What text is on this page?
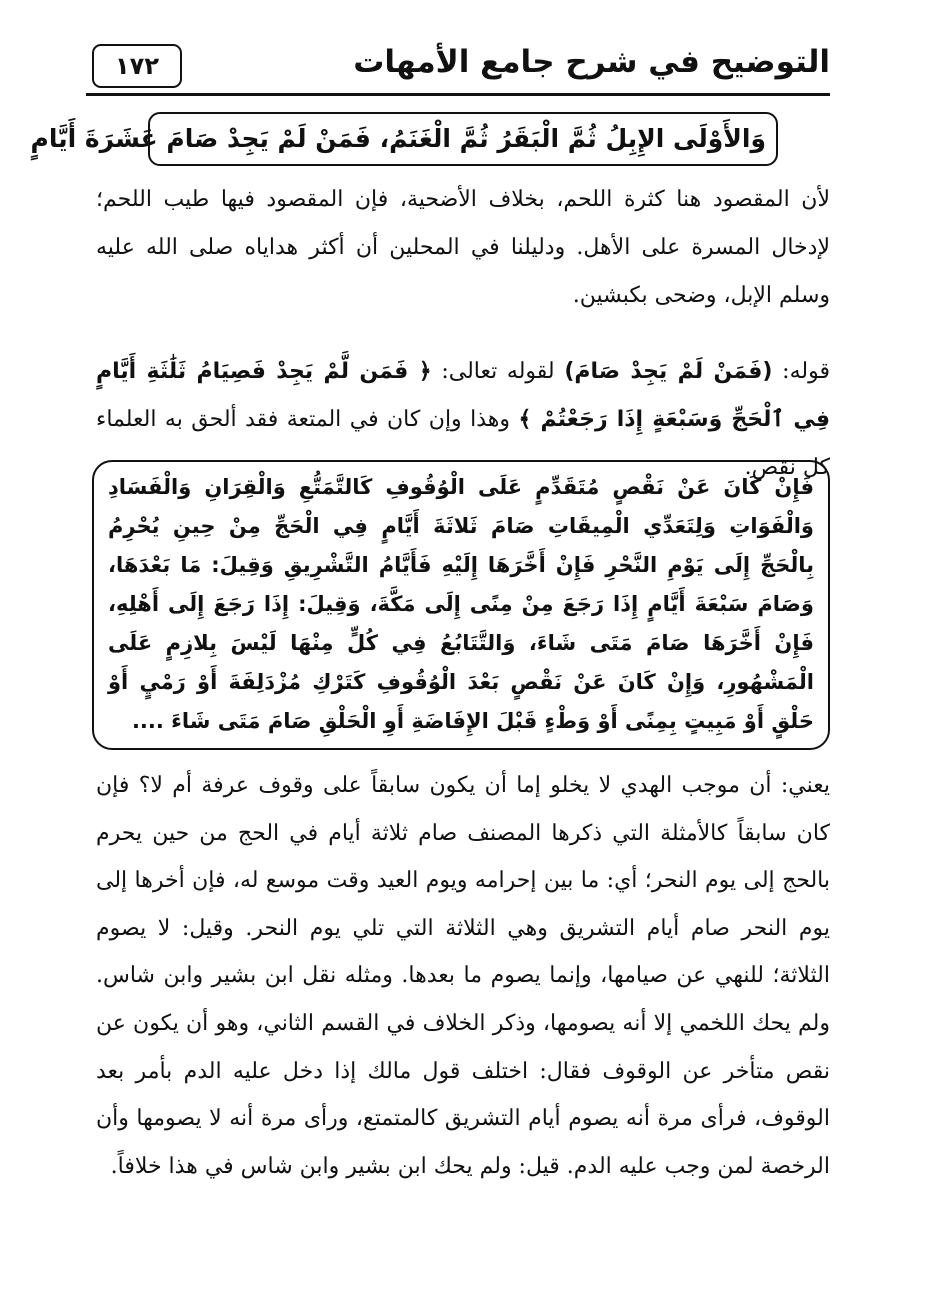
التوضيح في شرح جامع الأمهات
١٧٢
وَالأَوْلَى الإِبِلُ ثُمَّ الْبَقَرُ ثُمَّ الْغَنَمُ، فَمَنْ لَمْ يَجِدْ صَامَ عَشَرَةَ أَيَّامٍ
لأن المقصود هنا كثرة اللحم، بخلاف الأضحية، فإن المقصود فيها طيب اللحم؛ لإدخال المسرة على الأهل. ودليلنا في المحلين أن أكثر هداياه صلى الله عليه وسلم الإبل، وضحى بكبشين.
قوله: (فَمَنْ لَمْ يَجِدْ صَامَ) لقوله تعالى: ﴿ فَمَن لَّمْ يَجِدْ فَصِيَامُ ثَلَٰثَةِ أَيَّامٍ فِي ٱلْحَجِّ وَسَبْعَةٍ إِذَا رَجَعْتُمْ ﴾ وهذا وإن كان في المتعة فقد ألحق به العلماء كل نقص.
فَإِنْ كَانَ عَنْ نَقْصٍ مُتَقَدِّمٍ عَلَى الْوُقُوفِ كَالتَّمَتُّعِ وَالْقِرَانِ وَالْفَسَادِ وَالْفَوَاتِ وَلِتَعَدِّي الْمِيقَاتِ صَامَ ثَلاثَةَ أَيَّامٍ فِي الْحَجِّ مِنْ حِينِ يُحْرِمُ بِالْحَجِّ إِلَى يَوْمِ النَّحْرِ فَإِنْ أَخَّرَهَا إِلَيْهِ فَأَيَّامُ التَّشْرِيقِ وَقِيلَ: مَا بَعْدَهَا، وَصَامَ سَبْعَةَ أَيَّامٍ إِذَا رَجَعَ مِنْ مِنًى إِلَى مَكَّةَ، وَقِيلَ: إِذَا رَجَعَ إِلَى أَهْلِهِ، فَإِنْ أَخَّرَهَا صَامَ مَتَى شَاءَ، وَالتَّتَابُعُ فِي كُلٍّ مِنْهَا لَيْسَ بِلازِمٍ عَلَى الْمَشْهُورِ، وَإِنْ كَانَ عَنْ نَقْصٍ بَعْدَ الْوُقُوفِ كَتَرْكِ مُزْدَلِفَةَ أَوْ رَمْيٍ أَوْ حَلْقٍ أَوْ مَبِيتٍ بِمِنًى أَوْ وَطْءٍ قَبْلَ الإِفَاضَةِ أَوِ الْحَلْقِ صَامَ مَتَى شَاءَ ....
يعني: أن موجب الهدي لا يخلو إما أن يكون سابقاً على وقوف عرفة أم لا؟ فإن كان سابقاً كالأمثلة التي ذكرها المصنف صام ثلاثة أيام في الحج من حين يحرم بالحج إلى يوم النحر؛ أي: ما بين إحرامه ويوم العيد وقت موسع له، فإن أخرها إلى يوم النحر صام أيام التشريق وهي الثلاثة التي تلي يوم النحر. وقيل: لا يصوم الثلاثة؛ للنهي عن صيامها، وإنما يصوم ما بعدها. ومثله نقل ابن بشير وابن شاس. ولم يحك اللخمي إلا أنه يصومها، وذكر الخلاف في القسم الثاني، وهو أن يكون عن نقص متأخر عن الوقوف فقال: اختلف قول مالك إذا دخل عليه الدم بأمر بعد الوقوف، فرأى مرة أنه يصوم أيام التشريق كالمتمتع، ورأى مرة أنه لا يصومها وأن الرخصة لمن وجب عليه الدم. قيل: ولم يحك ابن بشير وابن شاس في هذا خلافاً.
